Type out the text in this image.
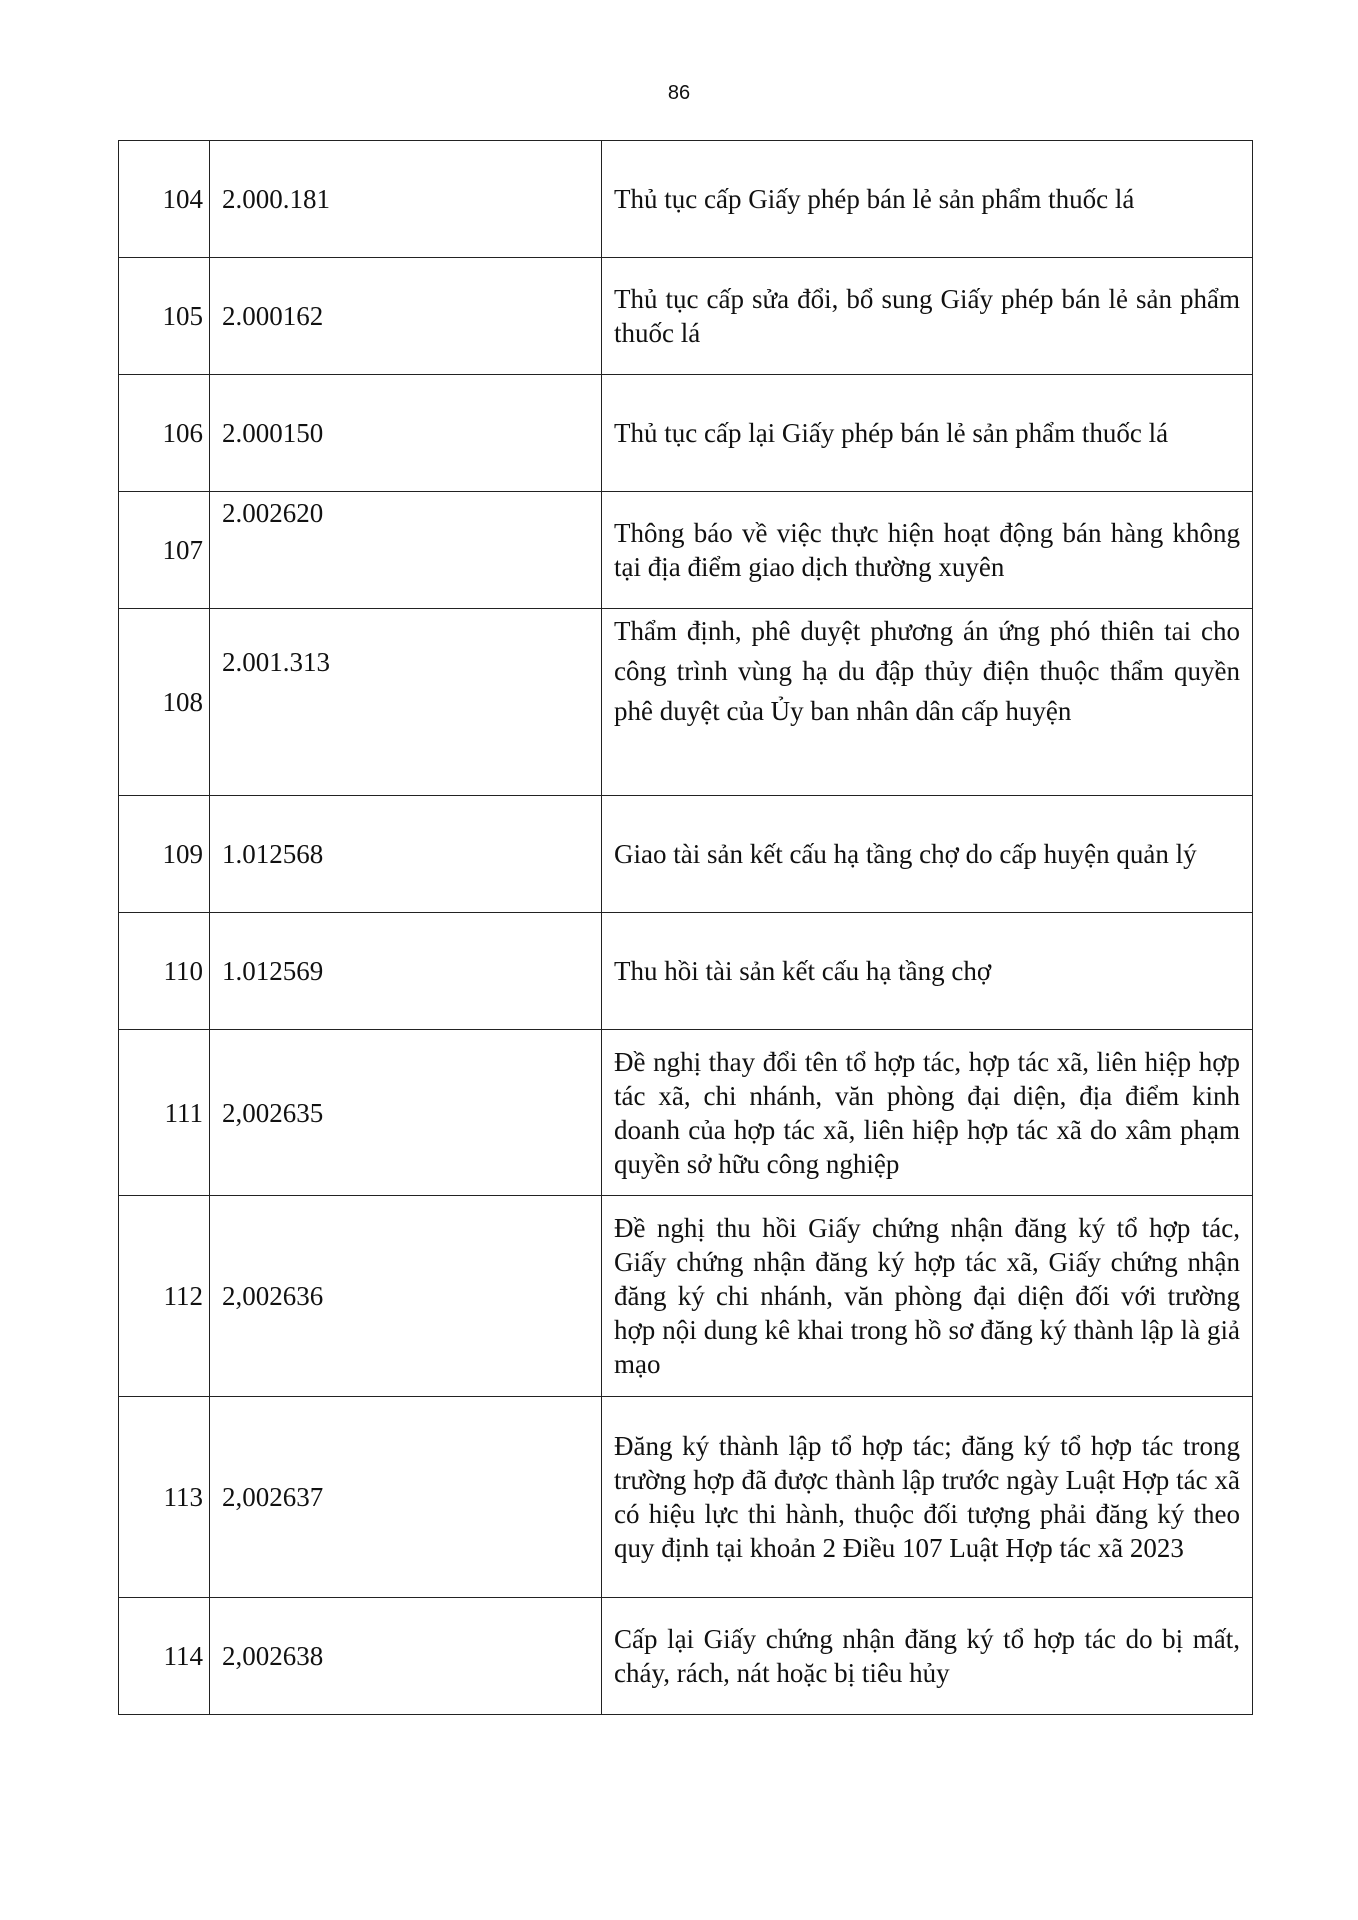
86
104	2.000.181	Thủ tục cấp Giấy phép bán lẻ sản phẩm thuốc lá
105	2.000162	Thủ tục cấp sửa đổi, bổ sung Giấy phép bán lẻ sản phẩm thuốc lá
106	2.000150	Thủ tục cấp lại Giấy phép bán lẻ sản phẩm thuốc lá
107	2.002620	Thông báo về việc thực hiện hoạt động bán hàng không tại địa điểm giao dịch thường xuyên
108	2.001.313	Thẩm định, phê duyệt phương án ứng phó thiên tai cho công trình vùng hạ du đập thủy điện thuộc thẩm quyền phê duyệt của Ủy ban nhân dân cấp huyện
109	1.012568	Giao tài sản kết cấu hạ tầng chợ do cấp huyện quản lý
110	1.012569	Thu hồi tài sản kết cấu hạ tầng chợ
111	2,002635	Đề nghị thay đổi tên tổ hợp tác, hợp tác xã, liên hiệp hợp tác xã, chi nhánh, văn phòng đại diện, địa điểm kinh doanh của hợp tác xã, liên hiệp hợp tác xã do xâm phạm quyền sở hữu công nghiệp
112	2,002636	Đề nghị thu hồi Giấy chứng nhận đăng ký tổ hợp tác, Giấy chứng nhận đăng ký hợp tác xã, Giấy chứng nhận đăng ký chi nhánh, văn phòng đại diện đối với trường hợp nội dung kê khai trong hồ sơ đăng ký thành lập là giả mạo
113	2,002637	Đăng ký thành lập tổ hợp tác; đăng ký tổ hợp tác trong trường hợp đã được thành lập trước ngày Luật Hợp tác xã có hiệu lực thi hành, thuộc đối tượng phải đăng ký theo quy định tại khoản 2 Điều 107 Luật Hợp tác xã 2023
114	2,002638	Cấp lại Giấy chứng nhận đăng ký tổ hợp tác do bị mất, cháy, rách, nát hoặc bị tiêu hủy
